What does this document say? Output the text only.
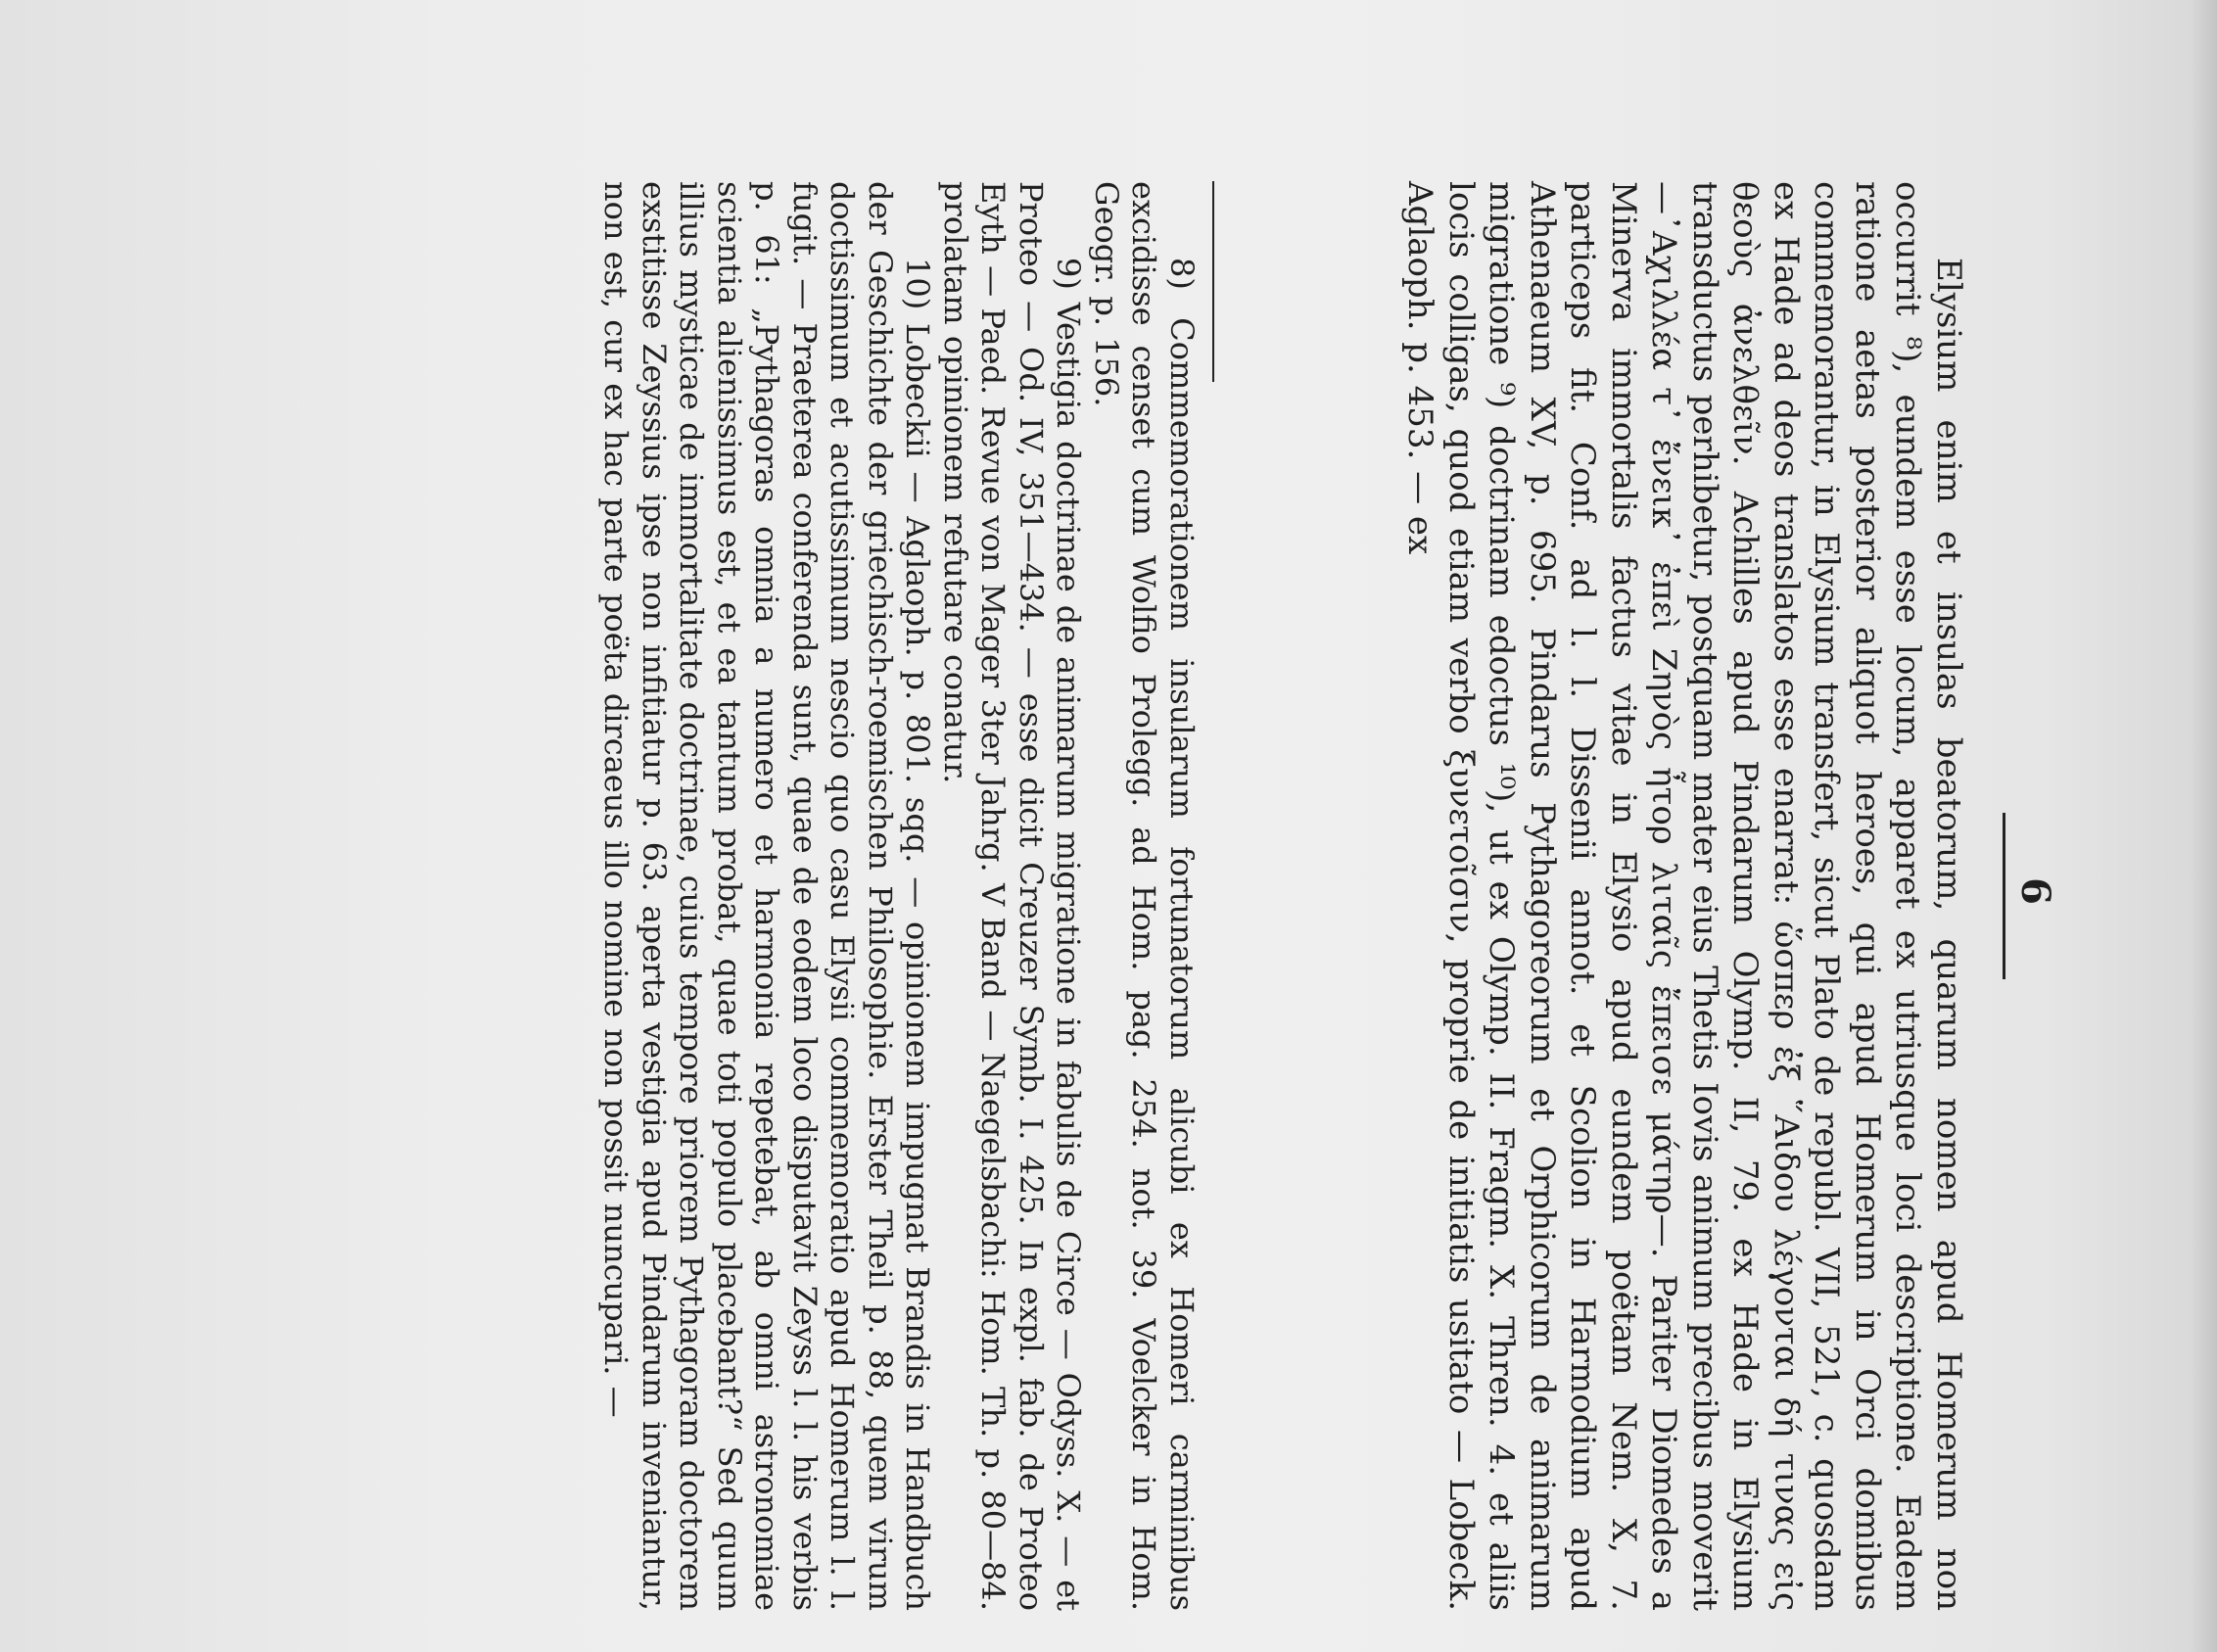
6

Elysium enim et insulas beatorum, quarum nomen apud Homerum non occurrit ⁸), eundem esse locum, apparet ex utriusque loci descriptione. Eadem ratione aetas posterior aliquot heroes, qui apud Homerum in Orci domibus commemorantur, in Elysium transfert, sicut Plato de republ. VII, 521, c. quosdam ex Hade ad deos translatos esse enarrat: ὥσπερ ἐξ ῞Αιδου λέγονται δή τινας εἰς θεοὺς ἀνελθεῖν. Achilles apud Pindarum Olymp. II, 79. ex Hade in Elysium transductus perhibetur, postquam mater eius Thetis Iovis animum precibus moverit—᾿Αχιλλέα τ᾿ ἔνεικ᾿ ἐπεὶ Ζηνὸς ἦτορ λιταῖς ἔπεισε μάτηρ—. Pariter Diomedes a Minerva immortalis factus vitae in Elysio apud eundem poëtam Nem. X, 7. particeps fit. Conf. ad l. l. Dissenii annot. et Scolion in Harmodium apud Athenaeum XV, p. 695. Pindarus Pythagoreorum et Orphicorum de animarum migratione ⁹) doctrinam edoctus ¹⁰), ut ex Olymp. II. Fragm. X. Thren. 4. et aliis locis colligas, quod etiam verbo ξυνετοῖσιν, proprie de initiatis usitato — Lobeck. Aglaoph. p. 453. — ex

8) Commemorationem insularum fortunatorum alicubi ex Homeri carminibus excidisse censet cum Wolfio Prolegg. ad Hom. pag. 254. not. 39. Voelcker in Hom. Geogr. p. 156.

9) Vestigia doctrinae de animarum migratione in fabulis de Circe — Odyss. X. — et Proteo — Od. IV, 351—434. — esse dicit Creuzer Symb. I. 425. In expl. fab. de Proteo Eyth — Paed. Revue von Mager 3ter Jahrg. V Band — Naegelsbachi: Hom. Th. p. 80—84. prolatam opinionem refutare conatur.

10) Lobeckii — Aglaoph. p. 801. sqq. — opinionem impugnat Brandis in Handbuch der Geschichte der griechisch-roemischen Philosophie. Erster Theil p. 88, quem virum doctissimum et acutissimum nescio quo casu Elysii commemoratio apud Homerum l. l. fugit. — Praeterea conferenda sunt, quae de eodem loco disputavit Zeyss l. l. his verbis p. 61: „Pythagoras omnia a numero et harmonia repetebat, ab omni astronomiae scientia alienissimus est, et ea tantum probat, quae toti populo placebant?“ Sed quum illius mysticae de immortalitate doctrinae, cuius tempore priorem Pythagoram doctorem exstitisse Zeyssius ipse non infitiatur p. 63. aperta vestigia apud Pindarum inveniantur, non est, cur ex hac parte poëta dircaeus illo nomine non possit nuncupari. —
